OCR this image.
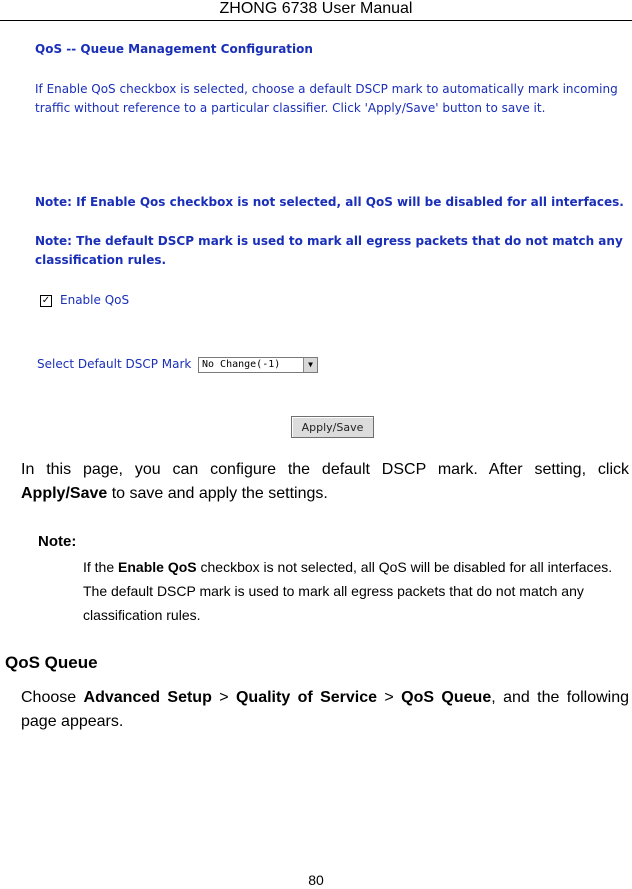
ZHONG 6738 User Manual
QoS -- Queue Management Configuration
If Enable QoS checkbox is selected, choose a default DSCP mark to automatically mark incoming traffic without reference to a particular classifier. Click 'Apply/Save' button to save it.
Note: If Enable Qos checkbox is not selected, all QoS will be disabled for all interfaces.
Note: The default DSCP mark is used to mark all egress packets that do not match any classification rules.
✓ Enable QoS
Select Default DSCP Mark	No Change(-1)	▼
Apply/Save
In this page, you can configure the default DSCP mark. After setting, click Apply/Save to save and apply the settings.
Note:
If the Enable QoS checkbox is not selected, all QoS will be disabled for all interfaces. The default DSCP mark is used to mark all egress packets that do not match any classification rules.
QoS Queue
Choose Advanced Setup > Quality of Service > QoS Queue, and the following page appears.
80
